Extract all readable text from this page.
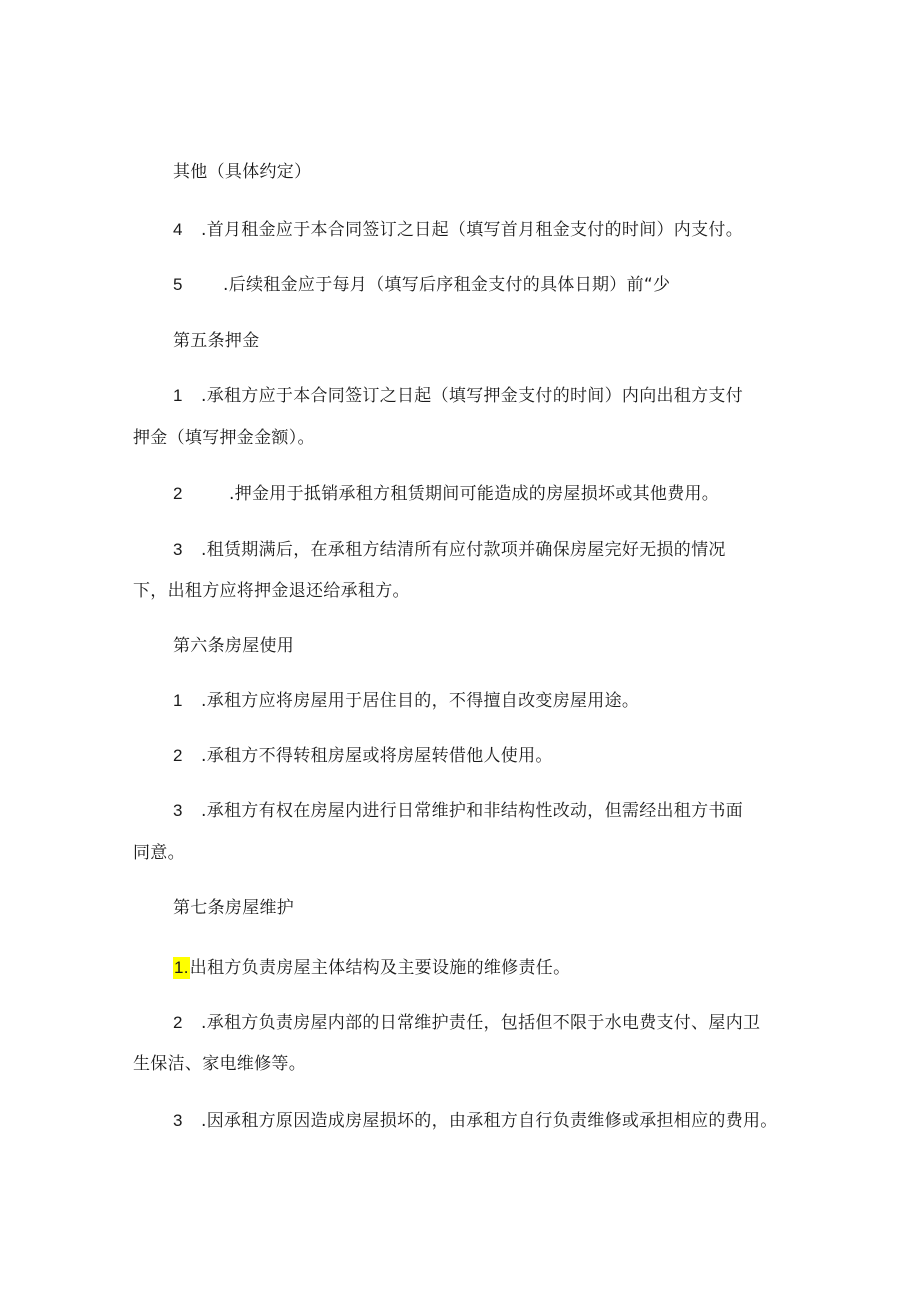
其他（具体约定）
4 .首月租金应于本合同签订之日起（填写首月租金支付的时间）内支付。
5 .后续租金应于每月（填写后序租金支付的具体日期）前“少
第五条押金
1 .承租方应于本合同签订之日起（填写押金支付的时间）内向出租方支付
押金（填写押金金额）。
2	.押金用于抵销承租方租赁期间可能造成的房屋损坏或其他费用。
3 .租赁期满后，在承租方结清所有应付款项并确保房屋完好无损的情况
下，出租方应将押金退还给承租方。
第六条房屋使用
1 .承租方应将房屋用于居住目的，不得擅自改变房屋用途。
2 .承租方不得转租房屋或将房屋转借他人使用。
3 .承租方有权在房屋内进行日常维护和非结构性改动，但需经出租方书面
同意。
第七条房屋维护
1.出租方负责房屋主体结构及主要设施的维修责任。
2 .承租方负责房屋内部的日常维护责任，包括但不限于水电费支付、屋内卫
生保洁、家电维修等。
3 .因承租方原因造成房屋损坏的，由承租方自行负责维修或承担相应的费用。
